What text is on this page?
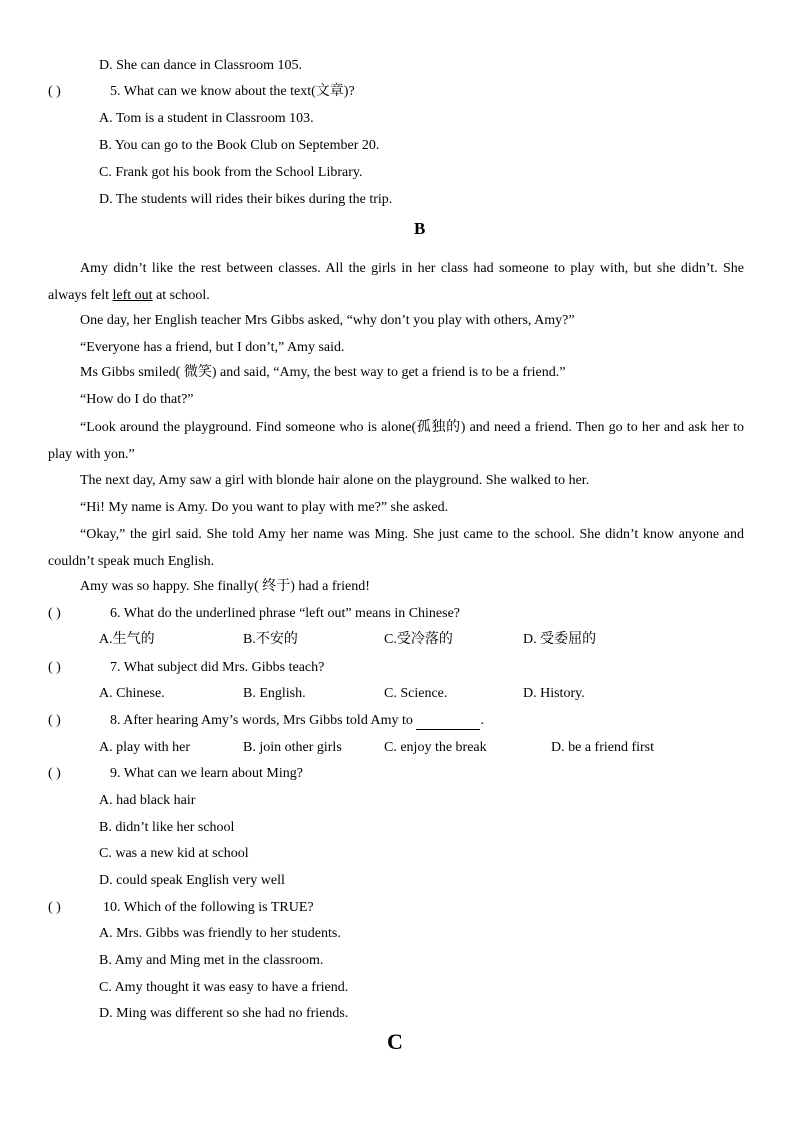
D. She can dance in Classroom 105.
( )	5. What can we know about the text(文章)?
A. Tom is a student in Classroom 103.
B. You can go to the Book Club on September 20.
C. Frank got his book from the School Library.
D. The students will rides their bikes during the trip.
B

Amy didn’t like the rest between classes. All the girls in her class had someone to play with, but she didn’t. She always felt left out at school.

One day, her English teacher Mrs Gibbs asked, “why don’t you play with others, Amy?”
“Everyone has a friend, but I don’t,” Amy said.
Ms Gibbs smiled( 微笑) and said, “Amy, the best way to get a friend is to be a friend.”
“How do I do that?”

“Look around the playground. Find someone who is alone(孤独的) and need a friend. Then go to her and ask her to play with yon.”

The next day, Amy saw a girl with blonde hair alone on the playground. She walked to her.
“Hi! My name is Amy. Do you want to play with me?” she asked.

“Okay,” the girl said. She told Amy her name was Ming. She just came to the school. She didn’t know anyone and couldn’t speak much English.

Amy was so happy. She finally( 终于) had a friend!
( )	6. What do the underlined phrase “left out” means in Chinese?
A.生气的	B.不安的	C.受冷落的	D. 受委屈的
( )	7. What subject did Mrs. Gibbs teach?
A. Chinese.	B. English.	C. Science.	D. History.
( )	8. After hearing Amy’s words, Mrs Gibbs told Amy to	.
A. play with her	B. join other girls	C. enjoy the break	D. be a friend first
( )	9. What can we learn about Ming?
A. had black hair
B. didn’t like her school
C. was a new kid at school
D. could speak English very well
( )	10. Which of the following is TRUE?
A. Mrs. Gibbs was friendly to her students.
B. Amy and Ming met in the classroom.
C. Amy thought it was easy to have a friend.
D. Ming was different so she had no friends.
C
